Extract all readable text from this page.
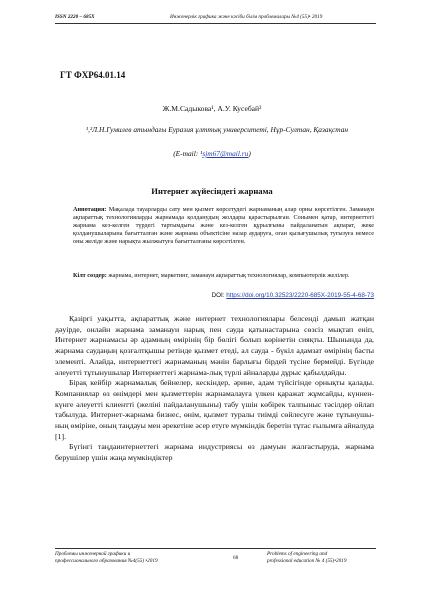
ISSN 2220 – 685X	Инженерлік графика және кәсіби білім проблемалары №4 (55)• 2019
ГТ ФХР64.01.14
Ж.М.Садыкова¹, А.У. Кусебай²
¹,²Л.Н.Гумилев атындағы Еуразия ұлттық университеті, Нұр-Султан, Қазақстан
(E-mail: ¹sjm67@mail.ru)
Интернет жүйесіндегі жарнама
Аннотация: Мақалада тауарларды сату мен қызмет көрсетудегі жарнаманың алар орны көрсетілген. Заманауи ақпараттық технологияларды жарнамада қолданудың жолдары қарастырылған. Сонымен қатар, интернеттегі жарнама кез-келген түрдегі тартымдығы және кез-келген құрылғыны пайдаланатын ақпарат, жеке қолданушыларына бағытталған және жарнама объектісіне назар аударуға, оған қызығушылық туғызуға немесе оны желіде және нарықта жылжытуға бағытталғаны көрсетілген.
Кілт сөздер: жарнама, интернет, маркетинг, заманауи ақпараттық технологиялар, компьютерлік желілер.
DOI: https://doi.org/10.32523/2220-685X-2019-55-4-68-73

Қазіргі уақытта, ақпараттық және интернет технологиялары белсенді дамып жатқан дәуірде, онлайн жарнама заманауи нарық пен сауда қатынастарына сөзсіз мықтап еніп, Интернет жарнамасы әр адамның өмірінің бір бөлігі болып көрінетін сияқты. Шынында да, жарнама саудаңың қозғалтқышы ретінде қызмет етеді, ал сауда - бүкіл адамзат өмірінің басты элементі. Алайда, интернеттегі жарнаманың мәнін барлығы бірдей түсіне бермейді. Бүгінде әлеуетті тұтынушылар Интернеттегі жарнама-лық түрлі айналарды дұрыс қабылдайды.

Бірақ кейбір жарнамалық бейнелер, кескіндер, әрине, адам түйсігінде орнықты қалады. Компаниялар өз өнімдері мен қызметтерін жарнамалауға үлкен қаражат жұмсайды, күннен-күнге әлеуетті клиентті (желіні пайдаланушыны) табу үшін көбірек талпыныс тәсілдер ойлап табылуда. Интернет-жарнама бизнес, өнім, қызмет туралы тиімді сөйлесуге және тұтынушы-ның өміріне, оның таңдауы мен әрекетіне әсер етуге мүмкіндік беретін тұтас ғылымға айналуда [1].

Бүгінгі таңдаинтернеттегі жарнама индустриясы өз дамуын жалғастыруда, жарнама берушілер үшін жаңа мүмкіндіктер

Проблемы инженерной графики и
профессионального образования №4(55) •2019	68
Problems of engineering and
professional education № 4 (55)•2019
